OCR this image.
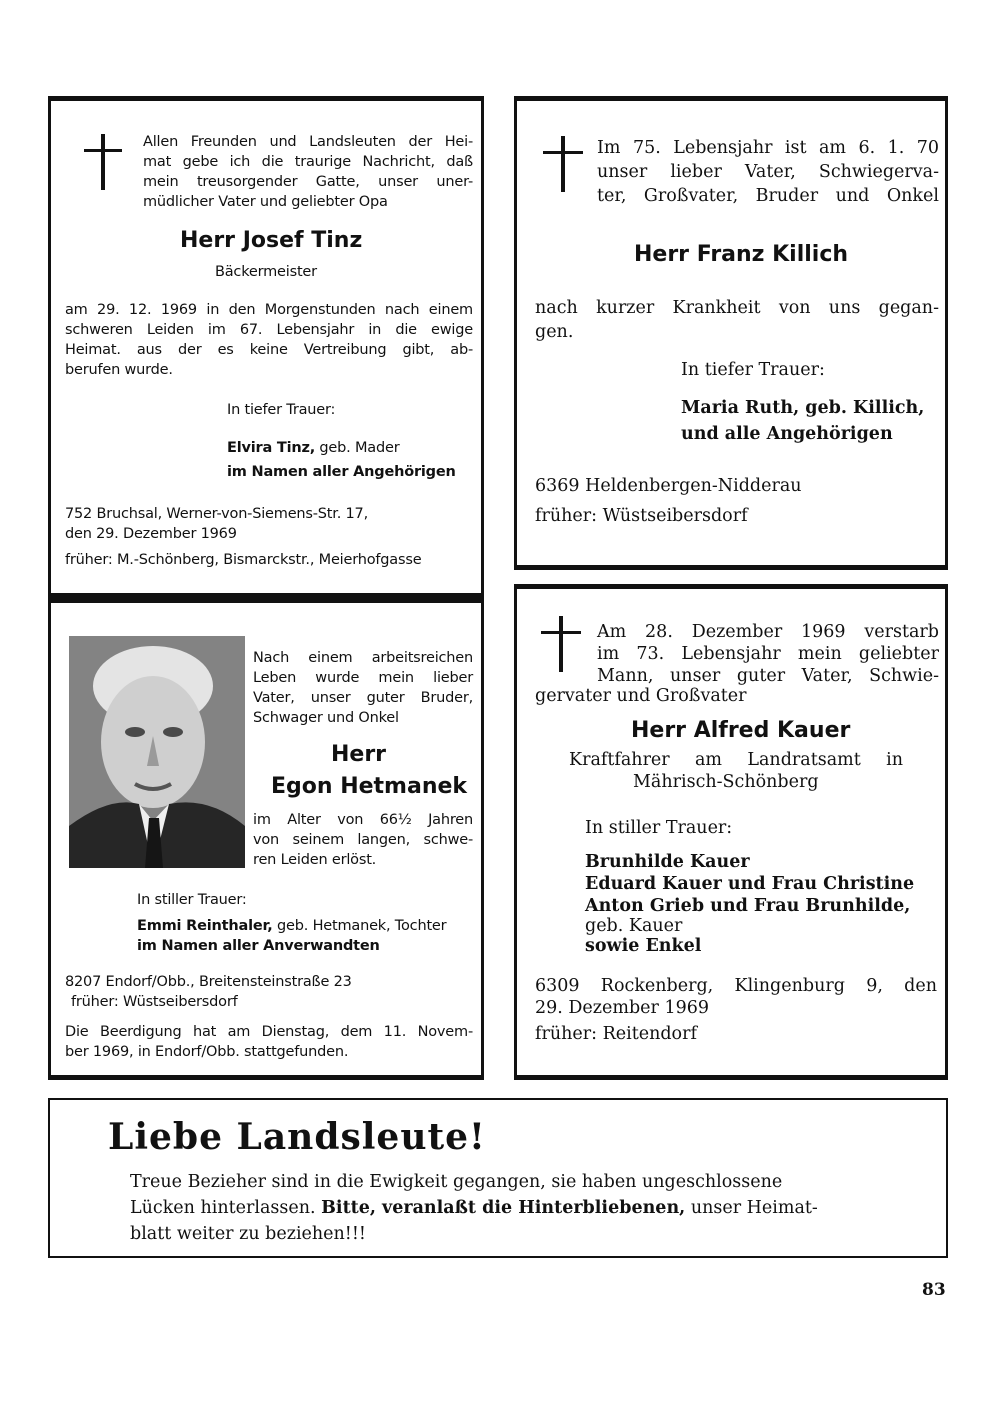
Allen Freunden und Landsleuten der Hei-

mat gebe ich die traurige Nachricht, daß

mein treusorgender Gatte, unser uner-

müdlicher Vater und geliebter Opa

Herr Josef Tinz

Bäckermeister

am 29. 12. 1969 in den Morgenstunden nach einem

schweren Leiden im 67. Lebensjahr in die ewige

Heimat. aus der es keine Vertreibung gibt, ab-

berufen wurde.

In tiefer Trauer:

Elvira Tinz, geb. Mader

im Namen aller Angehörigen

752 Bruchsal, Werner-von-Siemens-Str. 17,

den 29. Dezember 1969

früher: M.-Schönberg, Bismarckstr., Meierhofgasse

Im 75. Lebensjahr ist am 6. 1. 70

unser lieber Vater, Schwiegerva-

ter, Großvater, Bruder und Onkel

Herr Franz Killich

nach kurzer Krankheit von uns gegan-

gen.

In tiefer Trauer:

Maria Ruth, geb. Killich,

und alle Angehörigen

6369 Heldenbergen-Nidderau

früher: Wüstseibersdorf

Nach einem arbeitsreichen

Leben wurde mein lieber

Vater, unser guter Bruder,

Schwager und Onkel

Herr

Egon Hetmanek

im Alter von 66½ Jahren

von seinem langen, schwe-

ren Leiden erlöst.

In stiller Trauer:

Emmi Reinthaler, geb. Hetmanek, Tochter

im Namen aller Anverwandten

8207 Endorf/Obb., Breitensteinstraße 23

früher: Wüstseibersdorf

Die Beerdigung hat am Dienstag, dem 11. Novem-

ber 1969, in Endorf/Obb. stattgefunden.

Am 28. Dezember 1969 verstarb

im 73. Lebensjahr mein geliebter

Mann, unser guter Vater, Schwie-

gervater und Großvater

Herr Alfred Kauer

Kraftfahrer am Landratsamt in

Mährisch-Schönberg

In stiller Trauer:

Brunhilde Kauer

Eduard Kauer und Frau Christine

Anton Grieb und Frau Brunhilde,

geb. Kauer

sowie Enkel

6309 Rockenberg, Klingenburg 9, den

29. Dezember 1969

früher: Reitendorf

Liebe Landsleute!

Treue Bezieher sind in die Ewigkeit gegangen, sie haben ungeschlossene

Lücken hinterlassen. Bitte, veranlaßt die Hinterbliebenen, unser Heimat-

blatt weiter zu beziehen!!!

83
